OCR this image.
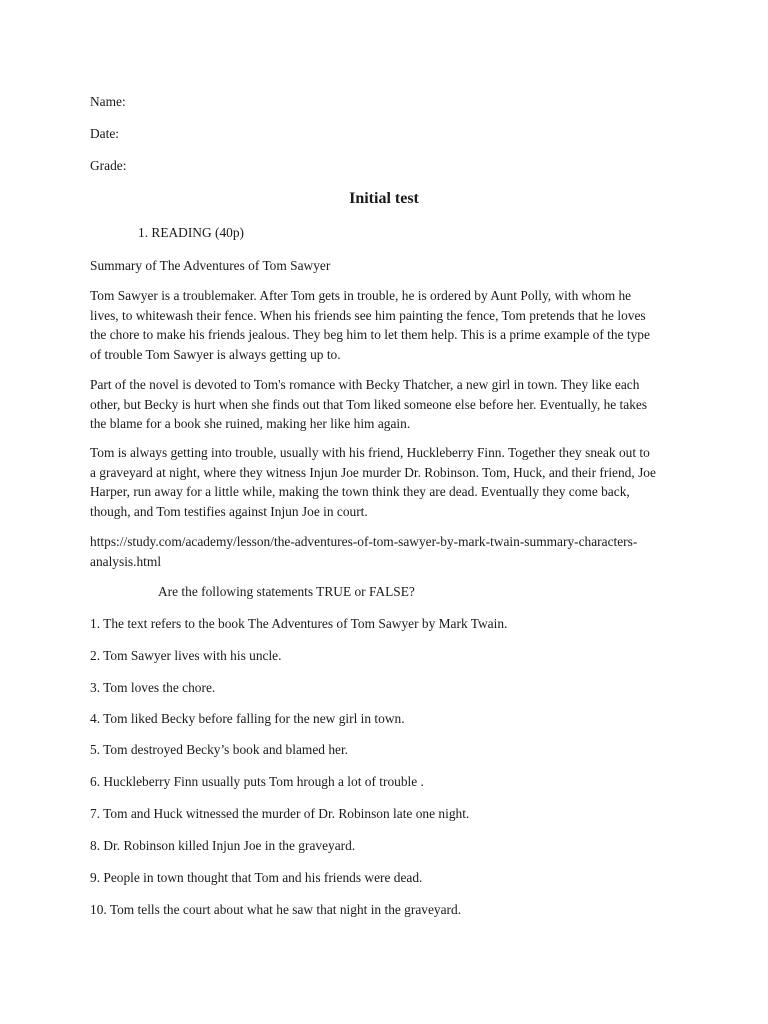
Name:
Date:
Grade:
Initial test
1. READING (40p)
Summary of The Adventures of Tom Sawyer

Tom Sawyer is a troublemaker. After Tom gets in trouble, he is ordered by Aunt Polly, with whom he

lives, to whitewash their fence. When his friends see him painting the fence, Tom pretends that he loves

the chore to make his friends jealous. They beg him to let them help. This is a prime example of the type

of trouble Tom Sawyer is always getting up to.

Part of the novel is devoted to Tom's romance with Becky Thatcher, a new girl in town. They like each

other, but Becky is hurt when she finds out that Tom liked someone else before her. Eventually, he takes

the blame for a book she ruined, making her like him again.

Tom is always getting into trouble, usually with his friend, Huckleberry Finn. Together they sneak out to

a graveyard at night, where they witness Injun Joe murder Dr. Robinson. Tom, Huck, and their friend, Joe

Harper, run away for a little while, making the town think they are dead. Eventually they come back,

though, and Tom testifies against Injun Joe in court.

https://study.com/academy/lesson/the-adventures-of-tom-sawyer-by-mark-twain-summary-characters-

analysis.html

Are the following statements TRUE or FALSE?
1. The text refers to the book The Adventures of Tom Sawyer by Mark Twain.
2. Tom Sawyer lives with his uncle.
3. Tom loves the chore.
4. Tom liked Becky before falling for the new girl in town.
5. Tom destroyed Becky’s book and blamed her.
6. Huckleberry Finn usually puts Tom hrough a lot of trouble .
7. Tom and Huck witnessed the murder of Dr. Robinson late one night.
8. Dr. Robinson killed Injun Joe in the graveyard.
9. People in town thought that Tom and his friends were dead.
10. Tom tells the court about what he saw that night in the graveyard.
